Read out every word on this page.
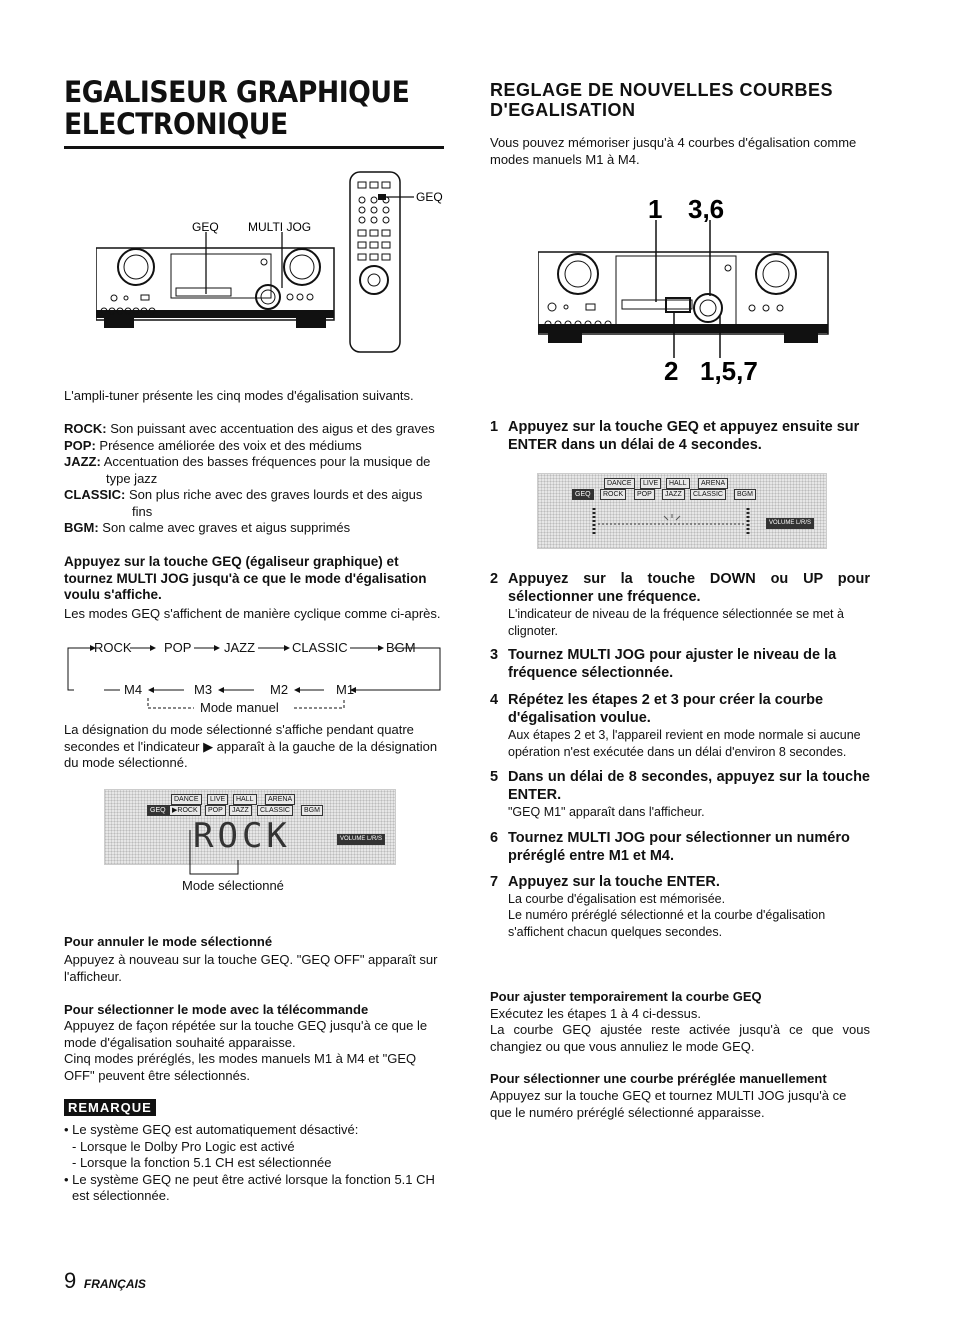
EGALISEUR GRAPHIQUE
ELECTRONIQUE
GEQ MULTI JOG
GEQ

L'ampli-tuner présente les cinq modes d'égalisation suivants.

ROCK: Son puissant avec accentuation des aigus et des graves
POP: Présence améliorée des voix et des médiums
JAZZ: Accentuation des basses fréquences pour la musique de type jazz
CLASSIC: Son plus riche avec des graves lourds et des aigus fins
BGM: Son calme avec graves et aigus supprimés

Appuyez sur la touche GEQ (égaliseur graphique) et tournez MULTI JOG jusqu'à ce que le mode d'égalisation voulu s'affiche.

Les modes GEQ s'affichent de manière cyclique comme ci-après.

ROCK POP	JAZZ	CLASSIC	BGM
M4	M3	M2	M1
Mode manuel

La désignation du mode sélectionné s'affiche pendant quatre secondes et l'indicateur ▶ apparaît à la gauche de la désignation du mode sélectionné.

DANCE	LIVE	HALL	ARENA
GEQ ▶ROCK	POP	JAZZ	CLASSIC	BGM
ROCK	VOLUME L/R/S

Mode sélectionné

Pour annuler le mode sélectionné

Appuyez à nouveau sur la touche GEQ. "GEQ OFF" apparaît sur l'afficheur.

Pour sélectionner le mode avec la télécommande

Appuyez de façon répétée sur la touche GEQ jusqu'à ce que le mode d'égalisation souhaité apparaisse.

Cinq modes préréglés, les modes manuels M1 à M4 et "GEQ OFF" peuvent être sélectionnés.

REMARQUE
• Le système GEQ est automatiquement désactivé:
- Lorsque le Dolby Pro Logic est activé
- Lorsque la fonction 5.1 CH est sélectionnée
• Le système GEQ ne peut être activé lorsque la fonction 5.1 CH est sélectionnée.
9 FRANÇAIS
REGLAGE DE NOUVELLES COURBES
D'EGALISATION

Vous pouvez mémoriser jusqu'à 4 courbes d'égalisation comme modes manuels M1 à M4.

1 3,6
2 1,5,7
1 Appuyez sur la touche GEQ et appuyez ensuite sur ENTER dans un délai de 4 secondes.
DANCE	LIVE	HALL	ARENA
GEQ	ROCK	POP	JAZZ	CLASSIC	BGM
VOLUME L/R/S
2 Appuyez sur la touche DOWN ou UP pour sélectionner une fréquence.
L'indicateur de niveau de la fréquence sélectionnée se met à clignoter.
3 Tournez MULTI JOG pour ajuster le niveau de la fréquence sélectionnée.
4 Répétez les étapes 2 et 3 pour créer la courbe d'égalisation voulue.
Aux étapes 2 et 3, l'appareil revient en mode normale si aucune opération n'est exécutée dans un délai d'environ 8 secondes.
5 Dans un délai de 8 secondes, appuyez sur la touche ENTER.
"GEQ M1" apparaît dans l'afficheur.
6 Tournez MULTI JOG pour sélectionner un numéro préréglé entre M1 et M4.
7 Appuyez sur la touche ENTER.
La courbe d'égalisation est mémorisée.
Le numéro préréglé sélectionné et la courbe d'égalisation s'affichent chacun quelques secondes.

Pour ajuster temporairement la courbe GEQ

Exécutez les étapes 1 à 4 ci-dessus.

La courbe GEQ ajustée reste activée jusqu'à ce que vous changiez ou que vous annuliez le mode GEQ.

Pour sélectionner une courbe préréglée manuellement

Appuyez sur la touche GEQ et tournez MULTI JOG jusqu'à ce que le numéro préréglé sélectionné apparaisse.
